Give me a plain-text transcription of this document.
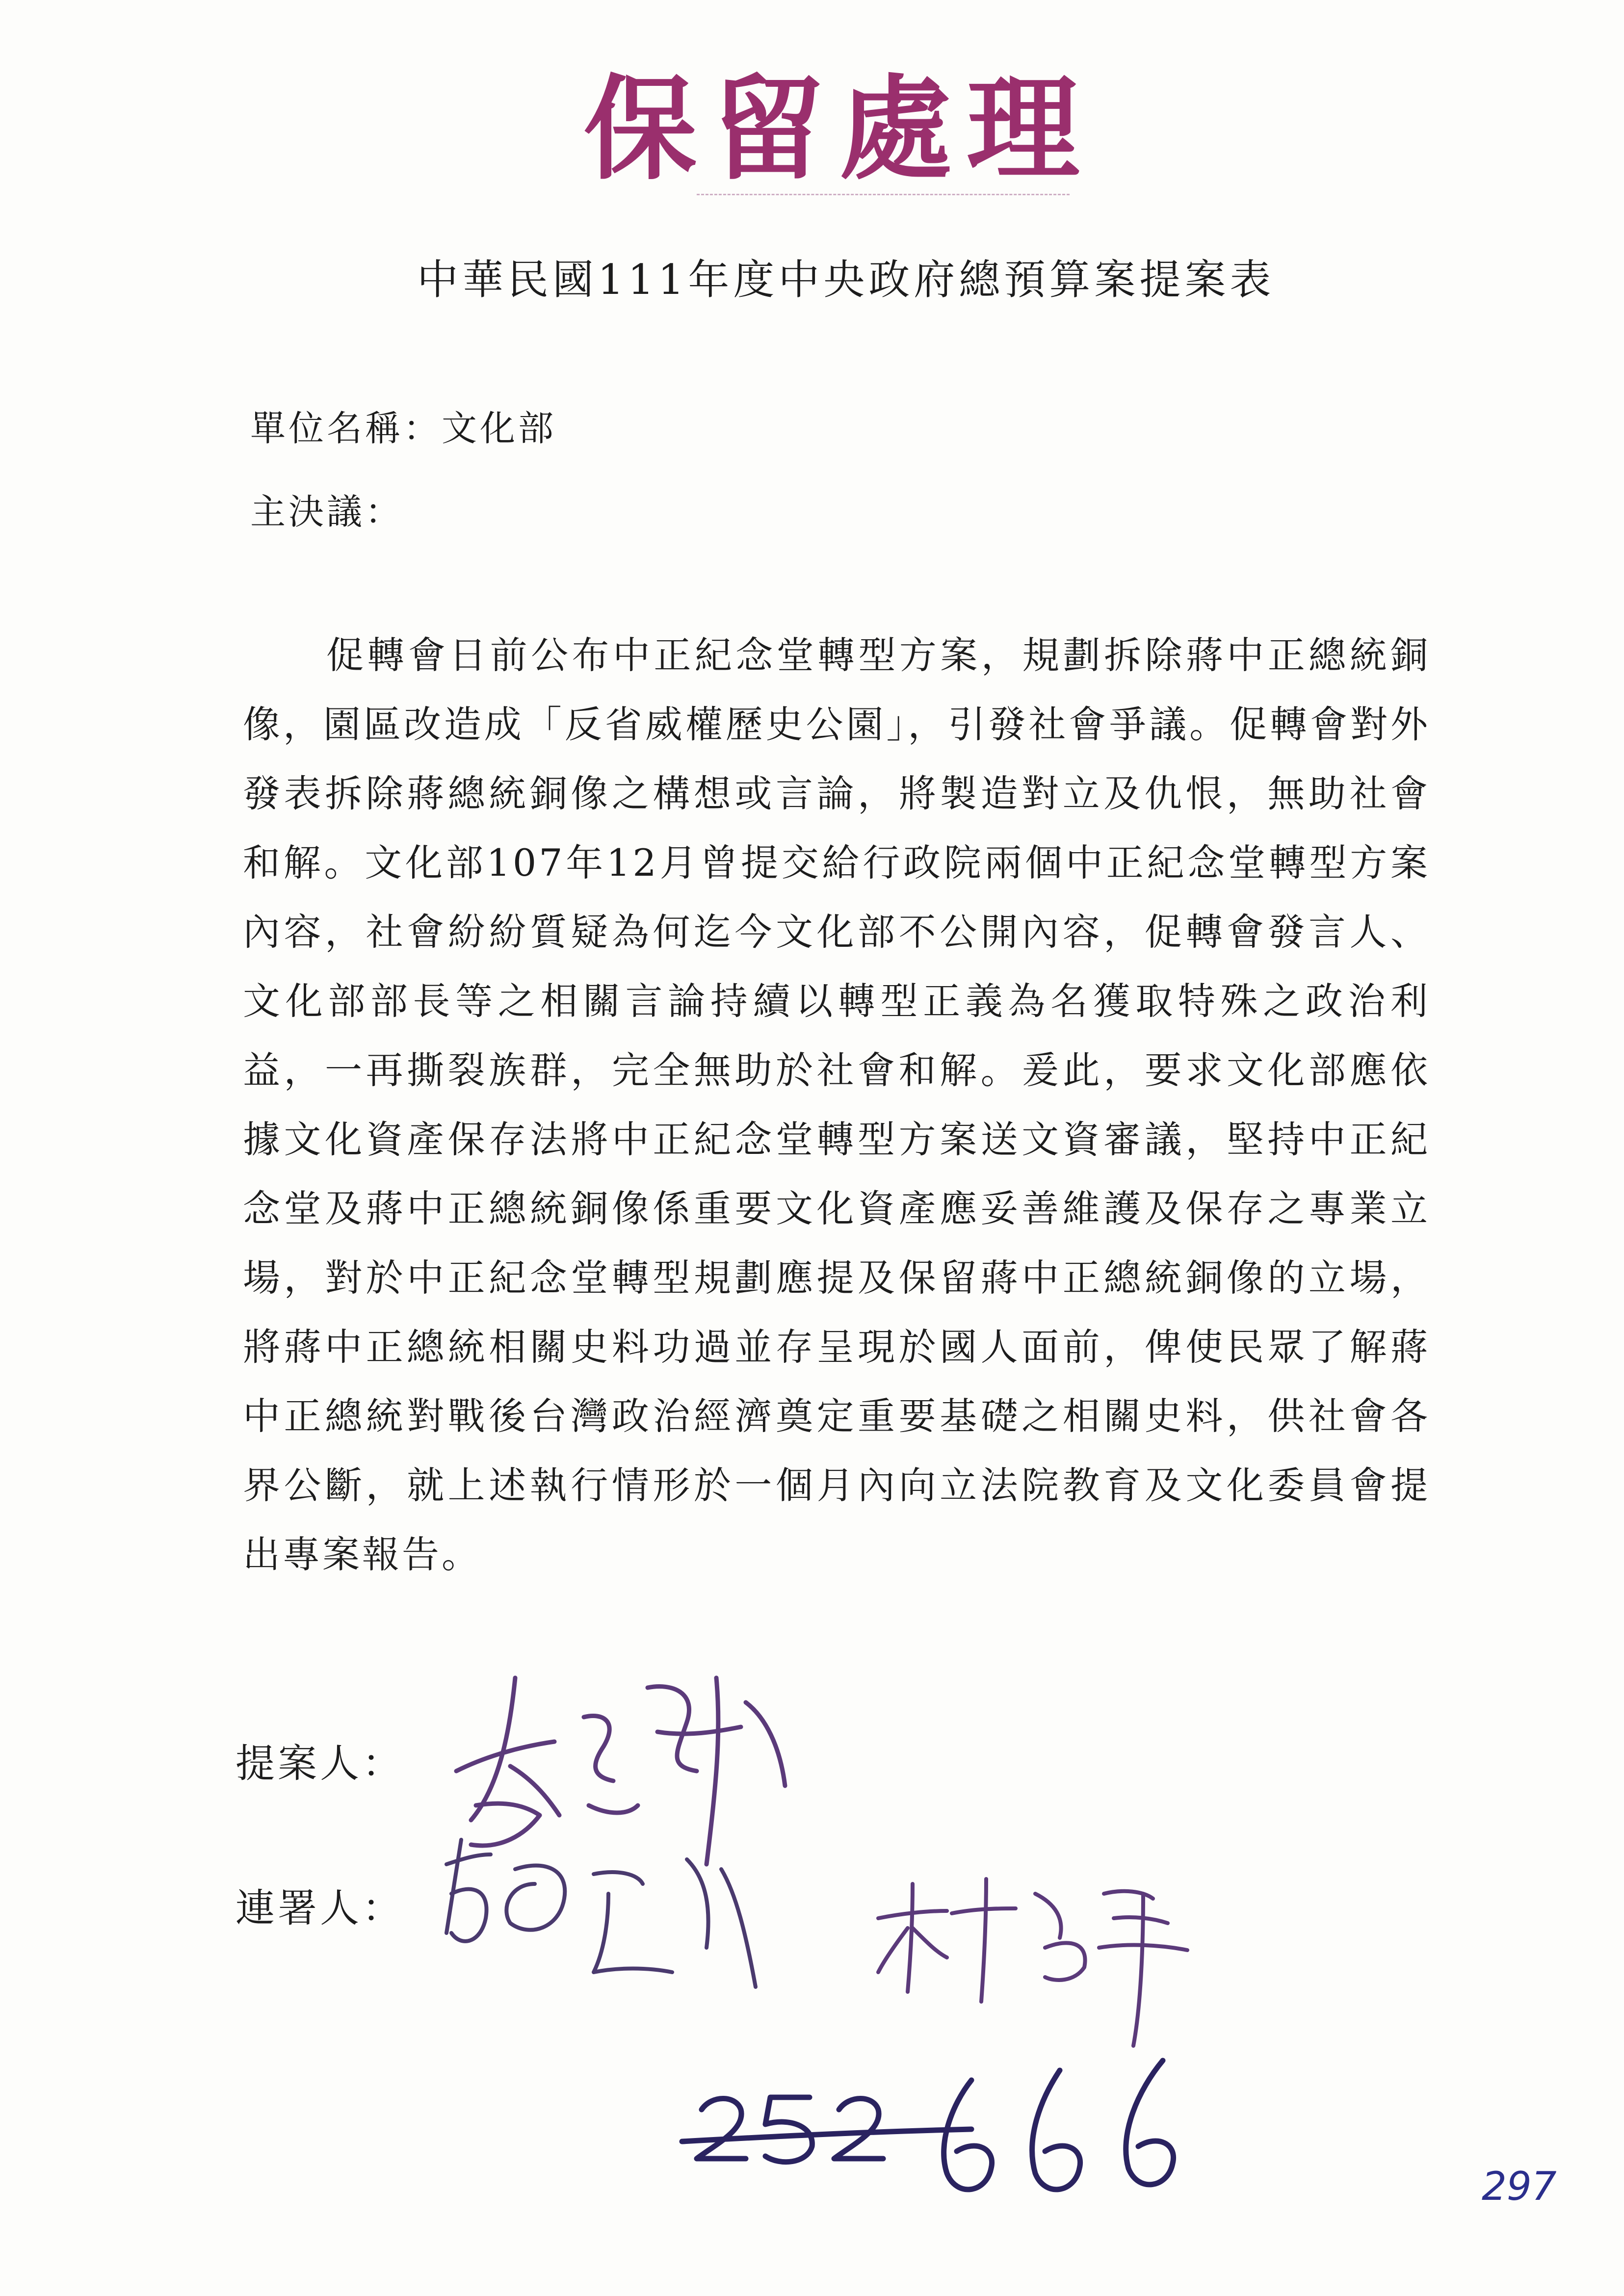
保留處理
中華民國111年度中央政府總預算案提案表
單位名稱：文化部
主決議：
促轉會日前公布中正紀念堂轉型方案，規劃拆除蔣中正總統銅像，園區改造成「反省威權歷史公園」，引發社會爭議。促轉會對外發表拆除蔣總統銅像之構想或言論，將製造對立及仇恨，無助社會和解。文化部107年12月曾提交給行政院兩個中正紀念堂轉型方案內容，社會紛紛質疑為何迄今文化部不公開內容，促轉會發言人、文化部部長等之相關言論持續以轉型正義為名獲取特殊之政治利益，一再撕裂族群，完全無助於社會和解。爰此，要求文化部應依據文化資產保存法將中正紀念堂轉型方案送文資審議，堅持中正紀念堂及蔣中正總統銅像係重要文化資產應妥善維護及保存之專業立場，對於中正紀念堂轉型規劃應提及保留蔣中正總統銅像的立場，將蔣中正總統相關史料功過並存呈現於國人面前，俾使民眾了解蔣中正總統對戰後台灣政治經濟奠定重要基礎之相關史料，供社會各界公斷，就上述執行情形於一個月內向立法院教育及文化委員會提出專案報告。
提案人：
連署人：
297
